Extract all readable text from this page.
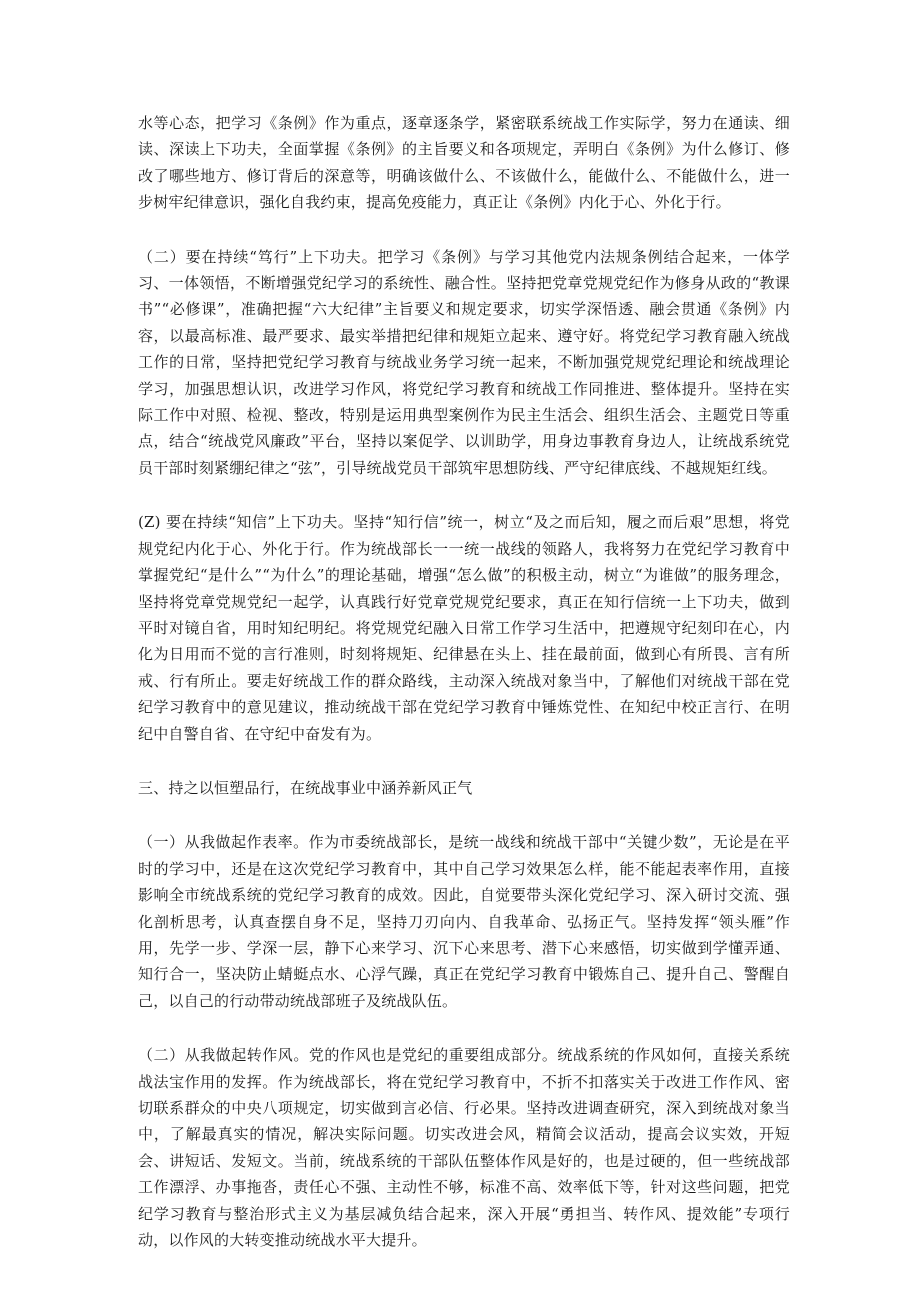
水等心态，把学习《条例》作为重点，逐章逐条学，紧密联系统战工作实际学，努力在通读、细读、深读上下功夫，全面掌握《条例》的主旨要义和各项规定，弄明白《条例》为什么修订、修改了哪些地方、修订背后的深意等，明确该做什么、不该做什么，能做什么、不能做什么，进一步树牢纪律意识，强化自我约束，提高免疫能力，真正让《条例》内化于心、外化于行。

（二）要在持续“笃行”上下功夫。把学习《条例》与学习其他党内法规条例结合起来，一体学习、一体领悟，不断增强党纪学习的系统性、融合性。坚持把党章党规党纪作为修身从政的“教课书”“必修课”，准确把握“六大纪律”主旨要义和规定要求，切实学深悟透、融会贯通《条例》内容，以最高标准、最严要求、最实举措把纪律和规矩立起来、遵守好。将党纪学习教育融入统战工作的日常，坚持把党纪学习教育与统战业务学习统一起来，不断加强党规党纪理论和统战理论学习，加强思想认识，改进学习作风，将党纪学习教育和统战工作同推进、整体提升。坚持在实际工作中对照、检视、整改，特别是运用典型案例作为民主生活会、组织生活会、主题党日等重点，结合“统战党风廉政”平台，坚持以案促学、以训助学，用身边事教育身边人，让统战系统党员干部时刻紧绷纪律之“弦”，引导统战党员干部筑牢思想防线、严守纪律底线、不越规矩红线。

(Z) 要在持续“知信”上下功夫。坚持“知行信”统一，树立“及之而后知，履之而后艰”思想，将党规党纪内化于心、外化于行。作为统战部长一一统一战线的领路人，我将努力在党纪学习教育中掌握党纪“是什么”“为什么”的理论基础，增强“怎么做”的积极主动，树立“为谁做”的服务理念，坚持将党章党规党纪一起学，认真践行好党章党规党纪要求，真正在知行信统一上下功夫，做到平时对镜自省，用时知纪明纪。将党规党纪融入日常工作学习生活中，把遵规守纪刻印在心，内化为日用而不觉的言行准则，时刻将规矩、纪律悬在头上、挂在最前面，做到心有所畏、言有所戒、行有所止。要走好统战工作的群众路线，主动深入统战对象当中，了解他们对统战干部在党纪学习教育中的意见建议，推动统战干部在党纪学习教育中锤炼党性、在知纪中校正言行、在明纪中自警自省、在守纪中奋发有为。

三、持之以恒塑品行，在统战事业中涵养新风正气

（一）从我做起作表率。作为市委统战部长，是统一战线和统战干部中“关键少数”，无论是在平时的学习中，还是在这次党纪学习教育中，其中自己学习效果怎么样，能不能起表率作用，直接影响全市统战系统的党纪学习教育的成效。因此，自觉要带头深化党纪学习、深入研讨交流、强化剖析思考，认真查摆自身不足，坚持刀刃向内、自我革命、弘扬正气。坚持发挥“领头雁”作用，先学一步、学深一层，静下心来学习、沉下心来思考、潜下心来感悟，切实做到学懂弄通、知行合一，坚决防止蜻蜓点水、心浮气躁，真正在党纪学习教育中锻炼自己、提升自己、警醒自己，以自己的行动带动统战部班子及统战队伍。

（二）从我做起转作风。党的作风也是党纪的重要组成部分。统战系统的作风如何，直接关系统战法宝作用的发挥。作为统战部长，将在党纪学习教育中，不折不扣落实关于改进工作作风、密切联系群众的中央八项规定，切实做到言必信、行必果。坚持改进调查研究，深入到统战对象当中，了解最真实的情况，解决实际问题。切实改进会风，精简会议活动，提高会议实效，开短会、讲短话、发短文。当前，统战系统的干部队伍整体作风是好的，也是过硬的，但一些统战部工作漂浮、办事拖沓，责任心不强、主动性不够，标准不高、效率低下等，针对这些问题，把党纪学习教育与整治形式主义为基层减负结合起来，深入开展“勇担当、转作风、提效能”专项行动，以作风的大转变推动统战水平大提升。
